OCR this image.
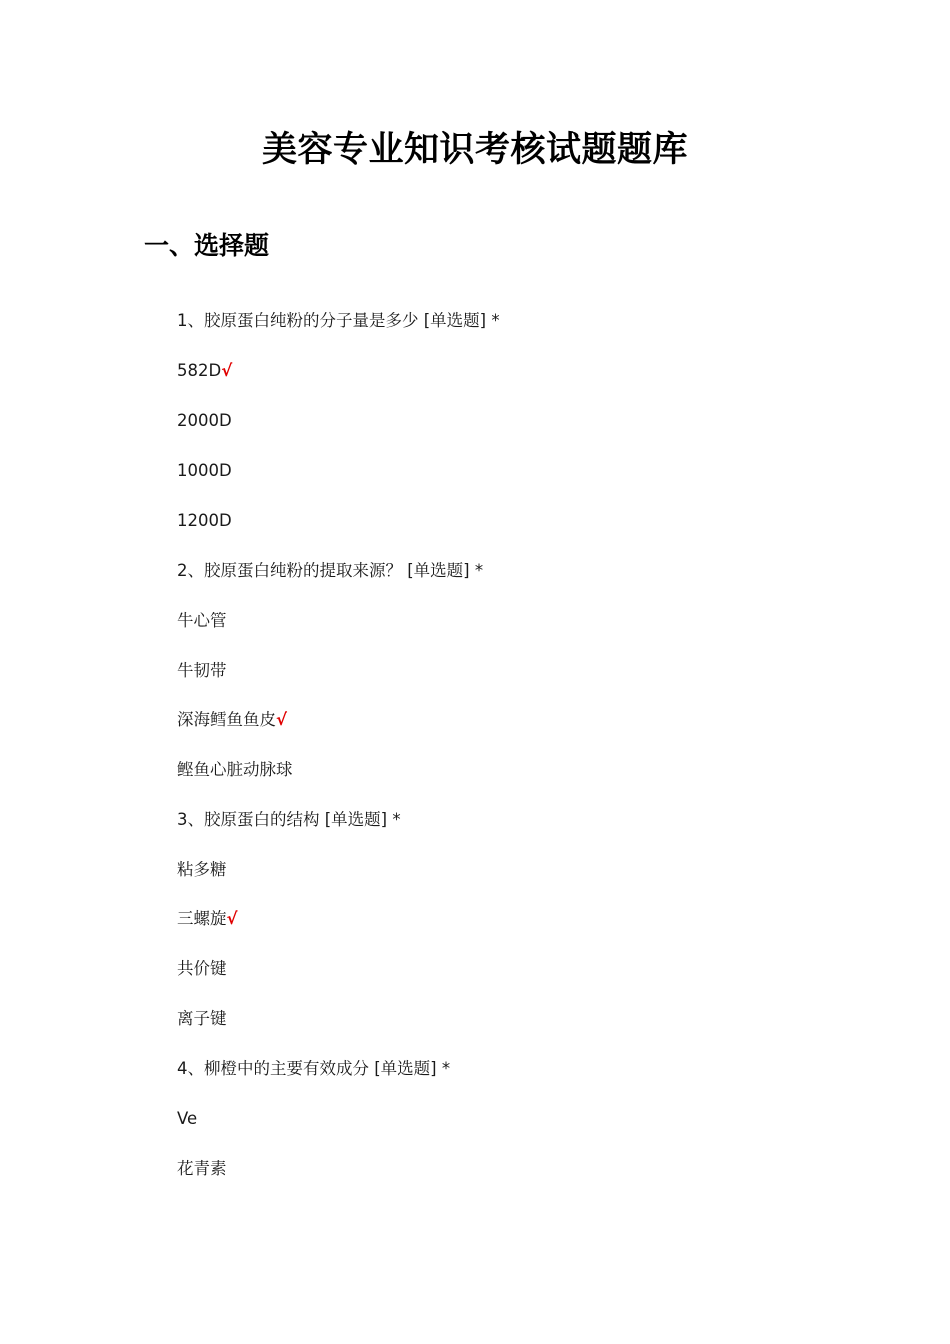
美容专业知识考核试题题库
一、选择题
1、胶原蛋白纯粉的分子量是多少 [单选题] *
582D√
2000D
1000D
1200D
2、胶原蛋白纯粉的提取来源？ [单选题] *
牛心管
牛韧带
深海鳕鱼鱼皮√
鲣鱼心脏动脉球
3、胶原蛋白的结构 [单选题] *
粘多糖
三螺旋√
共价键
离子键
4、柳橙中的主要有效成分 [单选题] *
Ve
花青素
